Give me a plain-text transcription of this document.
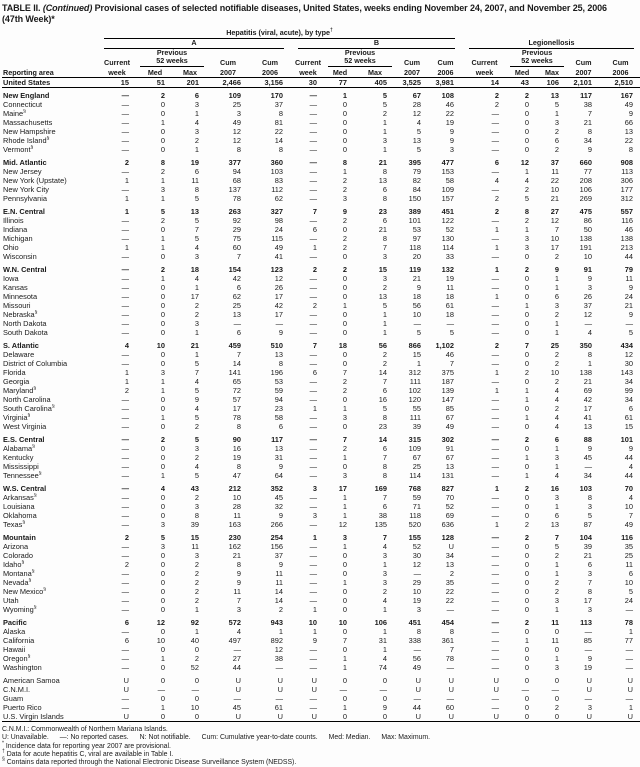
TABLE II. (Continued) Provisional cases of selected notifiable diseases, United States, weeks ending November 24, 2007, and November 25, 2006
(47th Week)*

	Hepatitis (viral, acute), by type†

	A					B					Legionellosis				

		Previous					Previous					Previous			
	Current	52 weeks		Cum	Cum	Current	52 weeks		Cum	Cum	Current	52 weeks		Cum	Cum
Reporting area	week	Med	Max	2007	2006	week	Med	Max	2007	2006	week	Med	Max	2007	2006
United States	15	51	201	2,466	3,156	30	77	405	3,525	3,981	14	43	106	2,101	2,510

New England	—	2	6	109	170	—	1	5	67	108	2	2	13	117	167
Connecticut	—	0	3	25	37	—	0	5	28	46	2	0	5	38	49
Maine§	—	0	1	3	8	—	0	2	12	22	—	0	1	7	9
Massachusetts	—	1	4	49	81	—	0	1	4	19	—	0	3	21	66
New Hampshire	—	0	3	12	22	—	0	1	5	9	—	0	2	8	13
Rhode Island§	—	0	2	12	14	—	0	3	13	9	—	0	6	34	22
Vermont§	—	0	1	8	8	—	0	1	5	3	—	0	2	9	8

Mid. Atlantic	2	8	19	377	360	—	8	21	395	477	6	12	37	660	908
New Jersey	—	2	6	94	103	—	1	8	79	153	—	1	11	77	113
New York (Upstate)	1	1	11	68	83	—	2	13	82	58	4	4	22	208	306
New York City	—	3	8	137	112	—	2	6	84	109	—	2	10	106	177
Pennsylvania	1	1	5	78	62	—	3	8	150	157	2	5	21	269	312

E.N. Central	1	5	13	263	327	7	9	23	389	451	2	8	27	475	557
Illinois	—	2	5	92	98	—	2	6	101	122	—	2	12	86	116
Indiana	—	0	7	29	24	6	0	21	53	52	1	1	7	50	46
Michigan	—	1	5	75	115	—	2	8	97	130	—	3	10	138	138
Ohio	1	1	4	60	49	1	2	7	118	114	1	3	17	191	213
Wisconsin	—	0	3	7	41	—	0	3	20	33	—	0	2	10	44

W.N. Central	—	2	18	154	123	2	2	15	119	132	1	2	9	91	79
Iowa	—	1	4	42	12	—	0	3	21	19	—	0	1	9	11
Kansas	—	0	1	6	26	—	0	2	9	11	—	0	1	3	9
Minnesota	—	0	17	62	17	—	0	13	18	18	1	0	6	26	24
Missouri	—	0	2	25	42	2	1	5	56	61	—	1	3	37	21
Nebraska§	—	0	2	13	17	—	0	1	10	18	—	0	2	12	9
North Dakota	—	0	3	—	—	—	0	1	—	—	—	0	1	—	—
South Dakota	—	0	1	6	9	—	0	1	5	5	—	0	1	4	5

S. Atlantic	4	10	21	459	510	7	18	56	866	1,102	2	7	25	350	434
Delaware	—	0	1	7	13	—	0	2	15	46	—	0	2	8	12
District of Columbia	—	0	5	14	8	—	0	2	1	7	—	0	2	1	30
Florida	1	3	7	141	196	6	7	14	312	375	1	2	10	138	143
Georgia	1	1	4	65	53	—	2	7	111	187	—	0	2	21	34
Maryland§	2	1	5	72	59	—	2	6	102	139	1	1	4	69	99
North Carolina	—	0	9	57	94	—	0	16	120	147	—	1	4	42	34
South Carolina§	—	0	4	17	23	1	1	5	55	85	—	0	2	17	6
Virginia§	—	1	5	78	58	—	3	8	111	67	—	1	4	41	61
West Virginia	—	0	2	8	6	—	0	23	39	49	—	0	4	13	15

E.S. Central	—	2	5	90	117	—	7	14	315	302	—	2	6	88	101
Alabama§	—	0	3	16	13	—	2	6	109	91	—	0	1	9	9
Kentucky	—	0	2	19	31	—	1	7	67	67	—	1	3	45	44
Mississippi	—	0	4	8	9	—	0	8	25	13	—	0	1	—	4
Tennessee§	—	1	5	47	64	—	3	8	114	131	—	1	4	34	44

W.S. Central	—	4	43	212	352	3	17	169	768	827	1	2	16	103	70
Arkansas§	—	0	2	10	45	—	1	7	59	70	—	0	3	8	4
Louisiana	—	0	3	28	32	—	1	6	71	52	—	0	1	3	10
Oklahoma	—	0	8	11	9	3	1	38	118	69	—	0	6	5	7
Texas§	—	3	39	163	266	—	12	135	520	636	1	2	13	87	49

Mountain	2	5	15	230	254	1	3	7	155	128	—	2	7	104	116
Arizona	—	3	11	162	156	—	1	4	52	U	—	0	5	39	35
Colorado	—	0	3	21	37	—	0	3	30	34	—	0	2	21	25
Idaho§	2	0	2	8	9	—	0	1	12	13	—	0	1	6	11
Montana§	—	0	2	9	11	—	0	3	—	2	—	0	1	3	6
Nevada§	—	0	2	9	11	—	1	3	29	35	—	0	2	7	10
New Mexico§	—	0	2	11	14	—	0	2	10	22	—	0	2	8	5
Utah	—	0	2	7	14	—	0	4	19	22	—	0	3	17	24
Wyoming§	—	0	1	3	2	1	0	1	3	—	—	0	1	3	—

Pacific	6	12	92	572	943	10	10	106	451	454	—	2	11	113	78
Alaska	—	0	1	4	1	1	0	1	8	8	—	0	0	—	1
California	6	10	40	497	892	9	7	31	338	361	—	1	11	85	77
Hawaii	—	0	0	—	12	—	0	1	—	7	—	0	0	—	—
Oregon§	—	1	2	27	38	—	1	4	56	78	—	0	1	9	—
Washington	—	0	52	44	—	—	1	74	49	—	—	0	3	19	—

American Samoa	U	0	0	U	U	U	0	0	U	U	U	0	0	U	U
C.N.M.I.	U	—	—	U	U	U	—	—	U	U	U	—	—	U	U
Guam	—	0	0	—	—	—	0	0	—	—	—	0	0	—	—
Puerto Rico	—	1	10	45	61	—	1	9	44	60	—	0	2	3	1
U.S. Virgin Islands	U	0	0	U	U	U	0	0	U	U	U	0	0	U	U
C.N.M.I.: Commonwealth of Northern Mariana Islands.
U: Unavailable. —: No reported cases. N: Not notifiable. Cum: Cumulative year-to-date counts. Med: Median. Max: Maximum.
* Incidence data for reporting year 2007 are provisional.
† Data for acute hepatitis C, viral are available in Table I.
§ Contains data reported through the National Electronic Disease Surveillance System (NEDSS).
